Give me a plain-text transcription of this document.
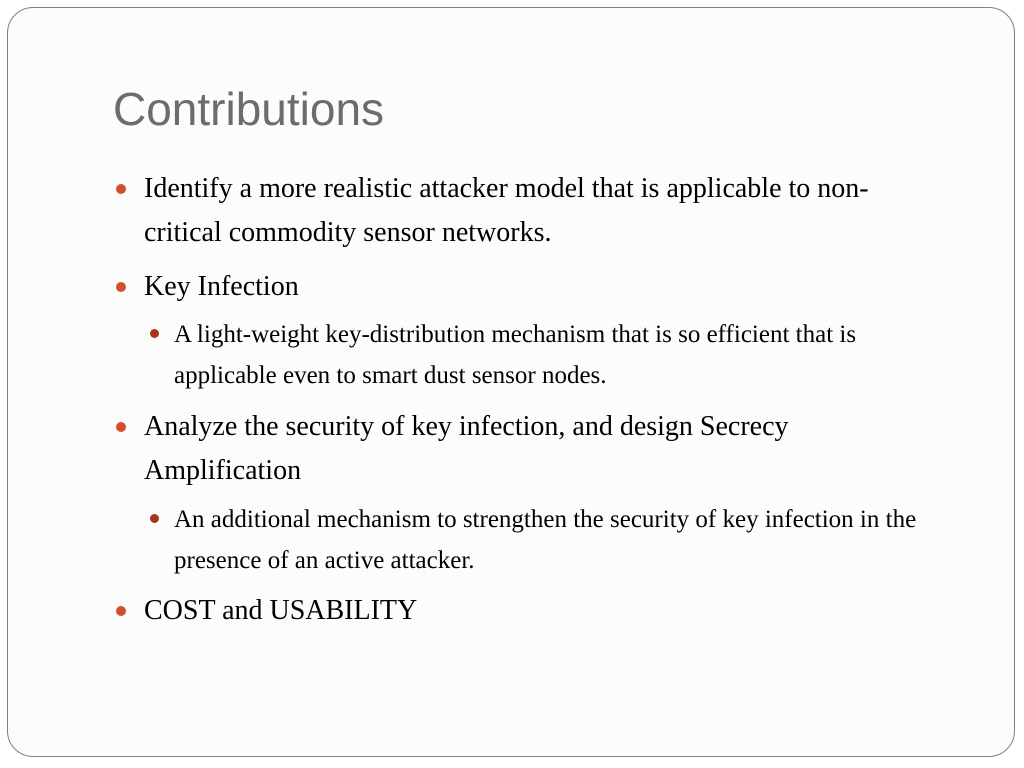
Contributions
Identify a more realistic attacker model that is applicable to non-critical commodity sensor networks.
Key Infection
A light-weight key-distribution mechanism that is so efficient that is applicable even to smart dust sensor nodes.
Analyze the security of key infection, and design Secrecy Amplification
An additional mechanism to strengthen the security of key infection in the presence of an active attacker.
COST and USABILITY
